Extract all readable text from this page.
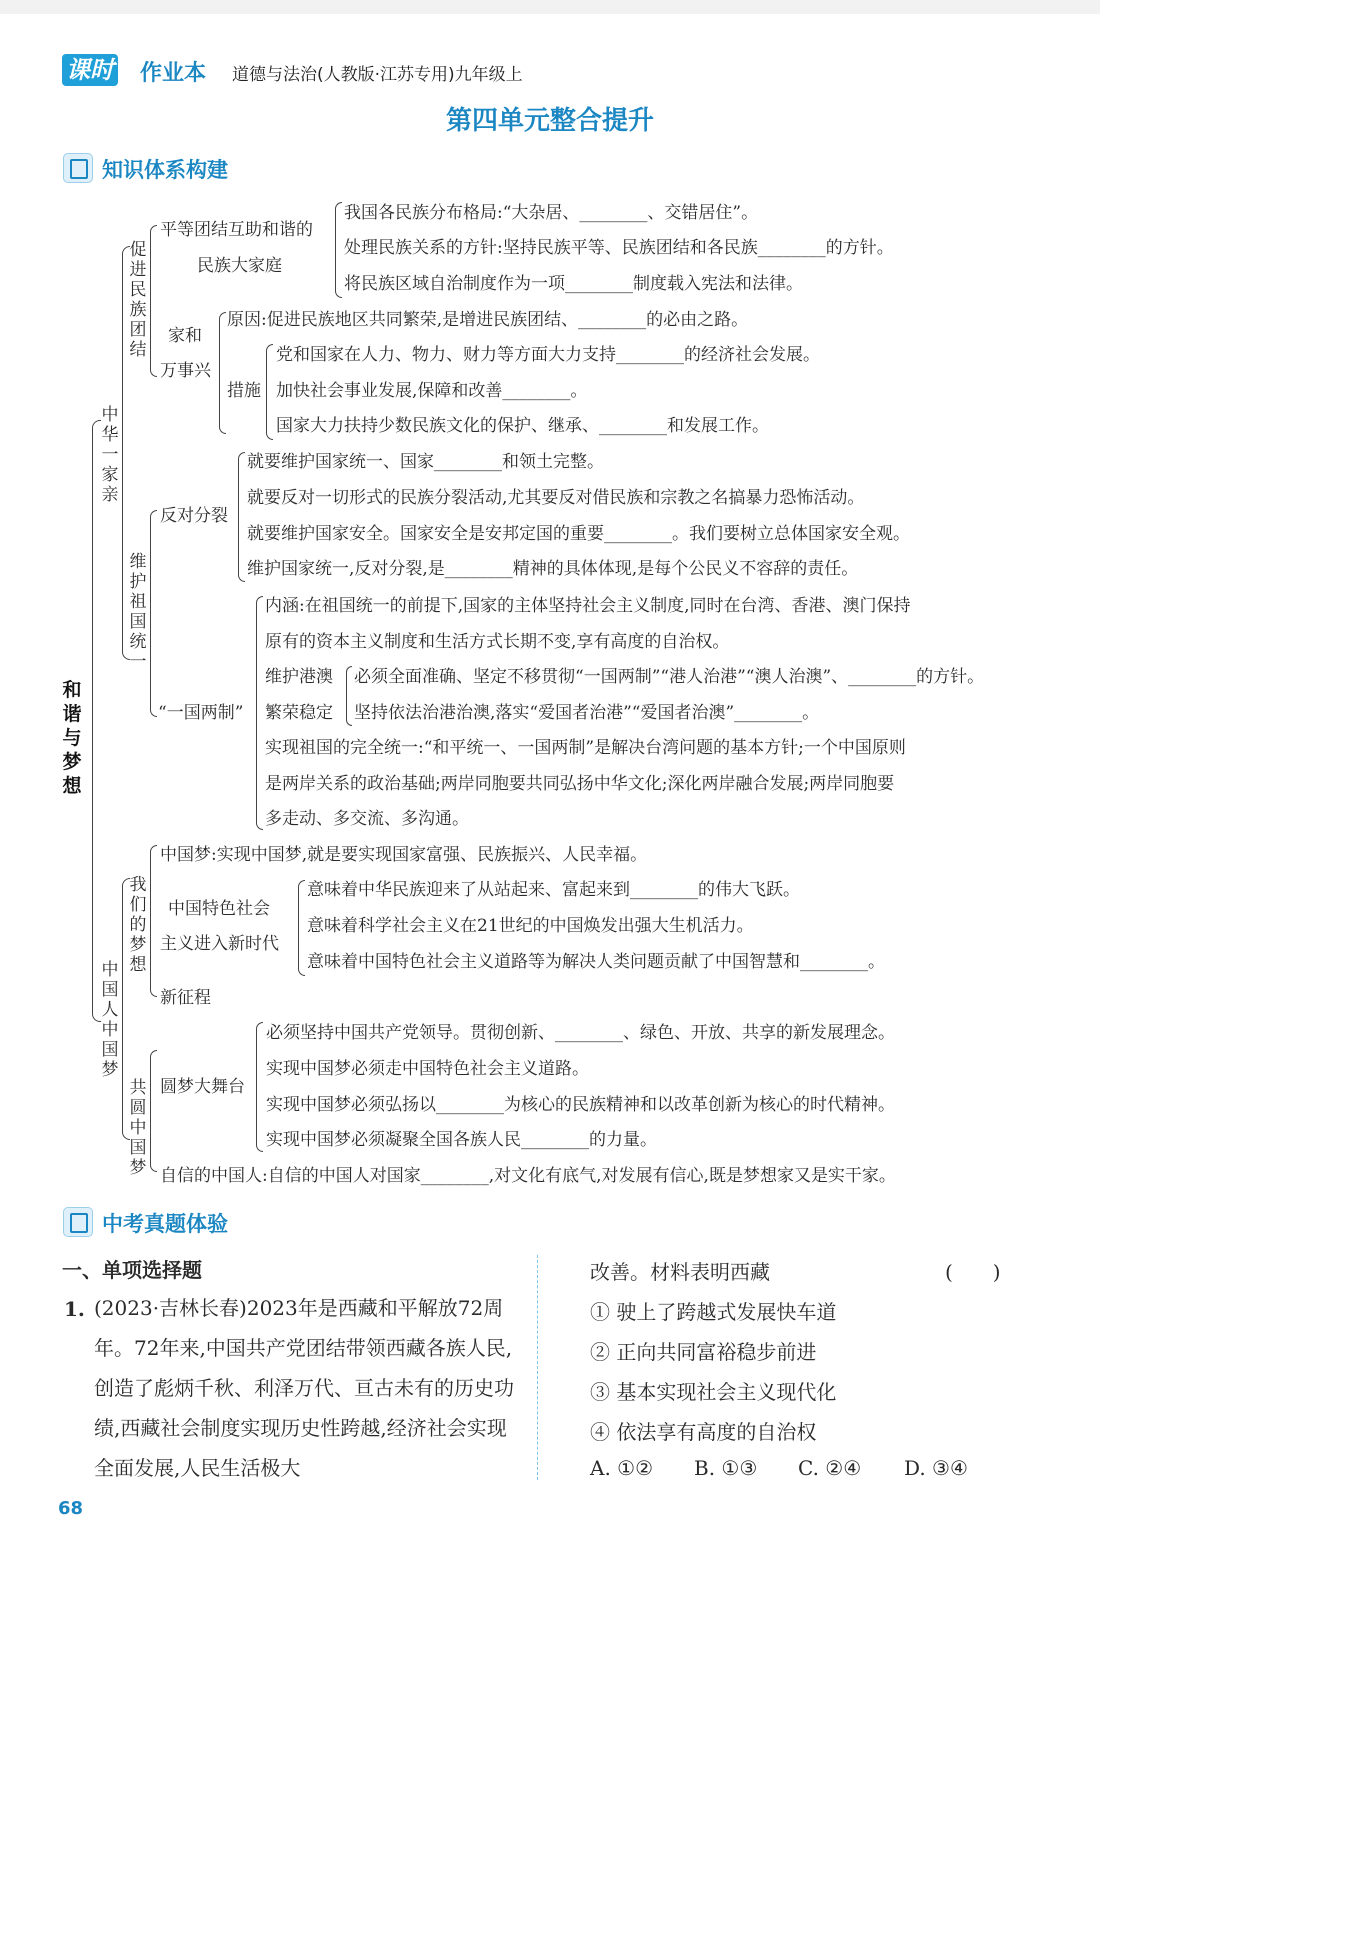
课时 作业本 道德与法治(人教版·江苏专用)九年级上
第四单元整合提升
知识体系构建
和谐与梦想
中华一家亲
促进民族团结
平等团结互助和谐的
民族大家庭
我国各民族分布格局:“大杂居、________、交错居住”。
处理民族关系的方针:坚持民族平等、民族团结和各民族________的方针。
将民族区域自治制度作为一项________制度载入宪法和法律。
家和
万事兴
原因:促进民族地区共同繁荣,是增进民族团结、________的必由之路。
措施
党和国家在人力、物力、财力等方面大力支持________的经济社会发展。
加快社会事业发展,保障和改善________。
国家大力扶持少数民族文化的保护、继承、________和发展工作。
维护祖国统一
反对分裂
就要维护国家统一、国家________和领土完整。
就要反对一切形式的民族分裂活动,尤其要反对借民族和宗教之名搞暴力恐怖活动。
就要维护国家安全。国家安全是安邦定国的重要________。我们要树立总体国家安全观。
维护国家统一,反对分裂,是________精神的具体体现,是每个公民义不容辞的责任。
“一国两制”
内涵:在祖国统一的前提下,国家的主体坚持社会主义制度,同时在台湾、香港、澳门保持
原有的资本主义制度和生活方式长期不变,享有高度的自治权。
维护港澳
繁荣稳定
必须全面准确、坚定不移贯彻“一国两制”“港人治港”“澳人治澳”、________的方针。
坚持依法治港治澳,落实“爱国者治港”“爱国者治澳”________。
实现祖国的完全统一:“和平统一、一国两制”是解决台湾问题的基本方针;一个中国原则
是两岸关系的政治基础;两岸同胞要共同弘扬中华文化;深化两岸融合发展;两岸同胞要
多走动、多交流、多沟通。
中国人中国梦
我们的梦想
中国梦:实现中国梦,就是要实现国家富强、民族振兴、人民幸福。
中国特色社会
主义进入新时代
意味着中华民族迎来了从站起来、富起来到________的伟大飞跃。
意味着科学社会主义在21世纪的中国焕发出强大生机活力。
意味着中国特色社会主义道路等为解决人类问题贡献了中国智慧和________。
新征程
共圆中国梦
圆梦大舞台
必须坚持中国共产党领导。贯彻创新、________、绿色、开放、共享的新发展理念。
实现中国梦必须走中国特色社会主义道路。
实现中国梦必须弘扬以________为核心的民族精神和以改革创新为核心的时代精神。
实现中国梦必须凝聚全国各族人民________的力量。
自信的中国人:自信的中国人对国家________,对文化有底气,对发展有信心,既是梦想家又是实干家。
中考真题体验
一、单项选择题
1. (2023·吉林长春)2023年是西藏和平解放72周年。72年来,中国共产党团结带领西藏各族人民,创造了彪炳千秋、利泽万代、亘古未有的历史功绩,西藏社会制度实现历史性跨越,经济社会实现全面发展,人民生活极大
改善。材料表明西藏	(　　)
① 驶上了跨越式发展快车道
② 正向共同富裕稳步前进
③ 基本实现社会主义现代化
④ 依法享有高度的自治权
A. ①② B. ①③ C. ②④ D. ③④
68
